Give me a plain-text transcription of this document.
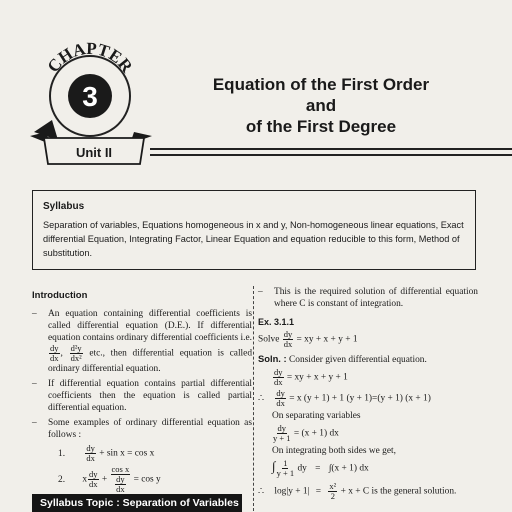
CHAPTER
3
Unit II
Equation of the First Order and
of the First Degree
Syllabus
Separation of variables, Equations homogeneous in x and y, Non-homogeneous linear equations, Exact differential Equation, Integrating Factor, Linear Equation and equation reducible to this form, Method of substitution.
Introduction
–	An equation containing differential coefficients is called differential equation (D.E.). If differential equation contains ordinary differential coefficients i.e.
$\frac{dy}{dx}$ , $\frac{\text{d²y}}{\text{dx²}}$ etc., then differential equation is called ordinary differential equation.
–	If differential equation contains partial differential coefficients then the equation is called partial differential equation.
–	Some examples of ordinary differential equation as follows :
1. $\frac{dy}{dx} + \sin x = \cos x$
2. x $\frac{dy}{dx} + \frac{\text{cos x}}{\frac{dy}{dx}} = \cos y$
Syllabus Topic : Separation of Variables
–	This is the required solution of differential equation where C is constant of integration.
Ex. 3.1.1
Solve $\frac{dy}{dx}$ = xy + x + y + 1
Soln. : Consider given differential equation.
$\frac{dy}{dx}$ = xy + x + y + 1
∴ $\frac{dy}{dx} = x$ (y + 1) + 1 (y + 1)=(y + 1) (x + 1)
On separating variables
$\frac{dy}{y + 1} = (x + 1)$ dx
On integrating both sides we get,
∫ $\frac{1}{y + 1}$ dy = ∫(x + 1) dx
∴ $\log|y + 1| = \frac{\text{x²}}{2} + x + C$ is the general solution.
